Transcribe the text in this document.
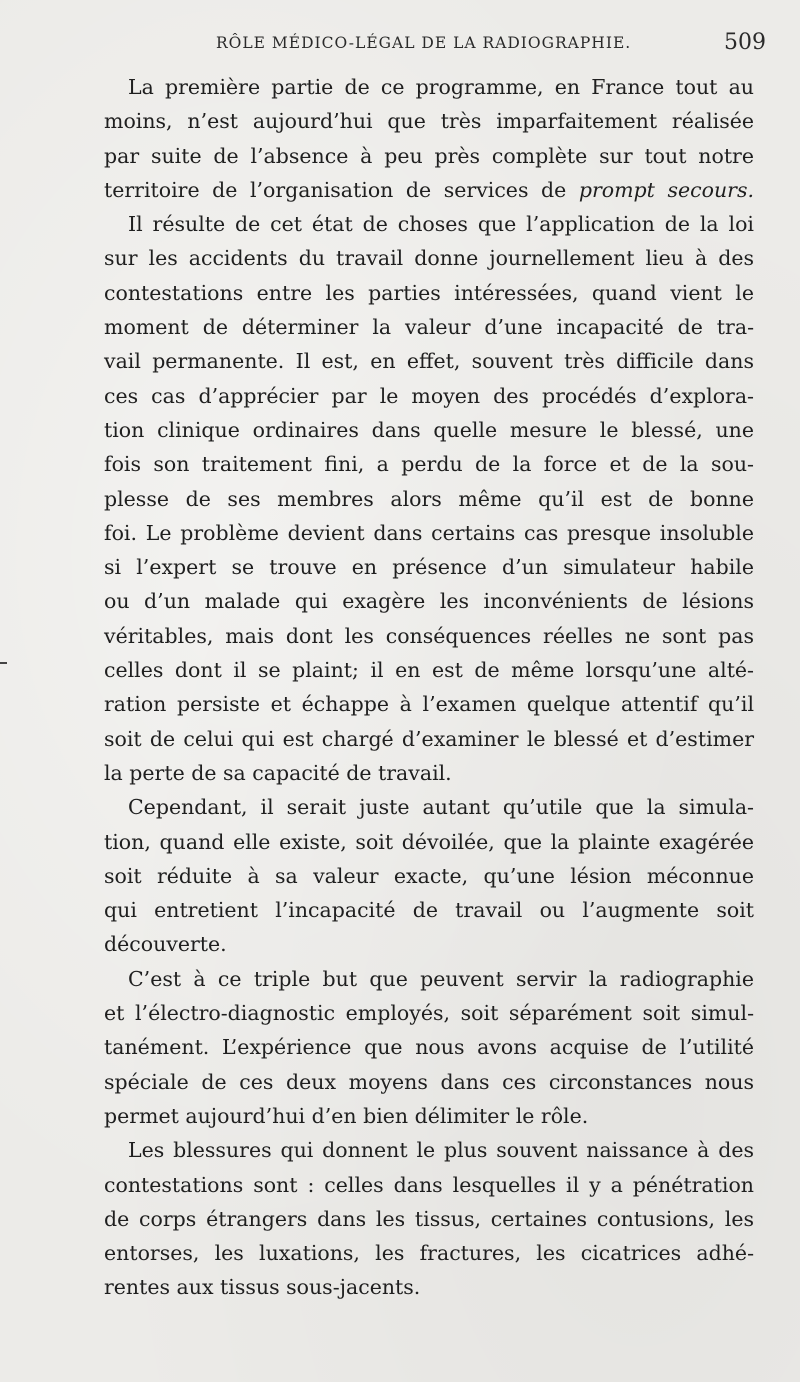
RÔLE MÉDICO-LÉGAL DE LA RADIOGRAPHIE.	509
La première partie de ce programme, en France tout au
moins, n’est aujourd’hui que très imparfaitement réalisée
par suite de l’absence à peu près complète sur tout notre
territoire de l’organisation de services de prompt secours.
Il résulte de cet état de choses que l’application de la loi
sur les accidents du travail donne journellement lieu à des
contestations entre les parties intéressées, quand vient le
moment de déterminer la valeur d’une incapacité de tra-
vail permanente. Il est, en effet, souvent très difficile dans
ces cas d’apprécier par le moyen des procédés d’explora-
tion clinique ordinaires dans quelle mesure le blessé, une
fois son traitement fini, a perdu de la force et de la sou-
plesse de ses membres alors même qu’il est de bonne
foi. Le problème devient dans certains cas presque insoluble
si l’expert se trouve en présence d’un simulateur habile
ou d’un malade qui exagère les inconvénients de lésions
véritables, mais dont les conséquences réelles ne sont pas
celles dont il se plaint; il en est de même lorsqu’une alté-
ration persiste et échappe à l’examen quelque attentif qu’il
soit de celui qui est chargé d’examiner le blessé et d’estimer
la perte de sa capacité de travail.
Cependant, il serait juste autant qu’utile que la simula-
tion, quand elle existe, soit dévoilée, que la plainte exagérée
soit réduite à sa valeur exacte, qu’une lésion méconnue
qui entretient l’incapacité de travail ou l’augmente soit
découverte.
C’est à ce triple but que peuvent servir la radiographie
et l’électro-diagnostic employés, soit séparément soit simul-
tanément. L’expérience que nous avons acquise de l’utilité
spéciale de ces deux moyens dans ces circonstances nous
permet aujourd’hui d’en bien délimiter le rôle.
Les blessures qui donnent le plus souvent naissance à des
contestations sont : celles dans lesquelles il y a pénétration
de corps étrangers dans les tissus, certaines contusions, les
entorses, les luxations, les fractures, les cicatrices adhé-
rentes aux tissus sous-jacents.
